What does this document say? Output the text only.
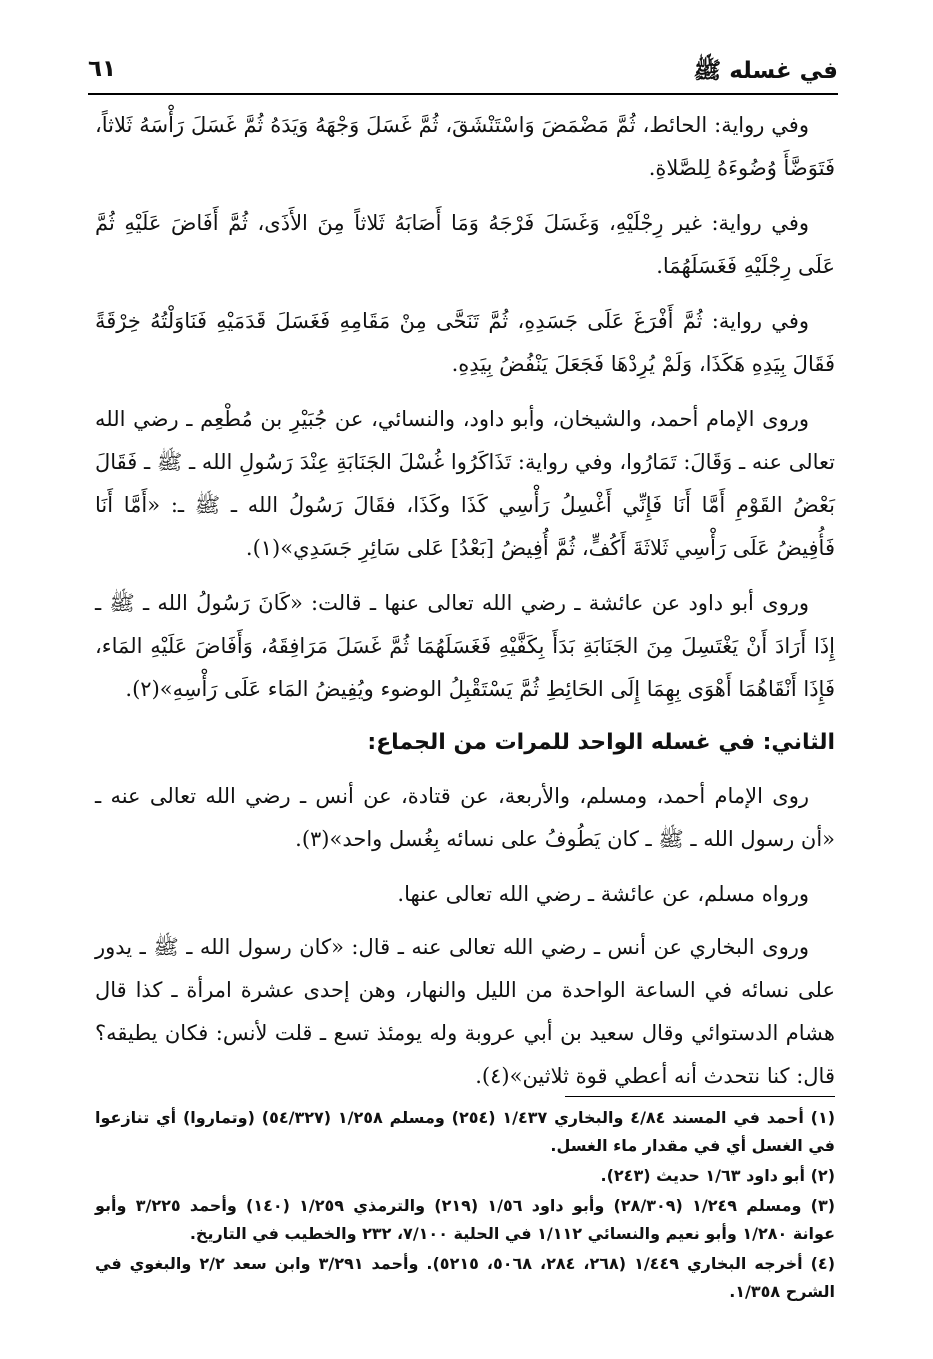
في غسله ﷺ
٦١

وفي رواية: الحائط، ثُمَّ مَضْمَضَ وَاسْتَنْشَقَ، ثُمَّ غَسَلَ وَجْهَهُ وَيَدَهُ ثُمَّ غَسَلَ رَأْسَهُ ثَلاثاً، فَتَوَضَّأَ وُضُوءَهُ لِلصَّلاةِ.

وفي رواية: غير رِجْلَيْهِ، وَغَسَلَ فَرْجَهُ وَمَا أَصَابَهُ ثَلاثاً مِنَ الأَذَى، ثُمَّ أَفَاضَ عَلَيْهِ ثُمَّ عَلَى رِجْلَيْهِ فَغَسَلَهُمَا.

وفي رواية: ثُمَّ أَفْرَغَ عَلَى جَسَدِهِ، ثُمَّ تَنَحَّى مِنْ مَقَامِهِ فَغَسَلَ قَدَمَيْهِ فَنَاوَلْتُهُ خِرْقَةً فَقَالَ بِيَدِهِ هَكَذَا، وَلَمْ يُرِدْهَا فَجَعَلَ يَنْفُضُ بِيَدِهِ.

وروى الإمام أحمد، والشيخان، وأبو داود، والنسائي، عن جُبَيْرِ بن مُطْعِم ـ رضي الله تعالى عنه ـ وَقَالَ: تَمَارُوا، وفي رواية: تَذَاكَرُوا غُسْلَ الجَنَابَةِ عِنْدَ رَسُولِ الله ـ ﷺ ـ فَقَالَ بَعْضُ القَوْمِ أَمَّا أَنَا فَإِنِّي أَغْسِلُ رَأْسِي كَذَا وكَذَا، فقَالَ رَسُولُ الله ـ ﷺ ـ: «أَمَّا أَنَا فَأُفِيضُ عَلَى رَأْسِي ثَلاثَةَ أَكُفٍّ، ثُمَّ أُفِيضُ [بَعْدُ] عَلى سَائِرِ جَسَدِي»(١).

وروى أبو داود عن عائشة ـ رضي الله تعالى عنها ـ قالت: «كَانَ رَسُولُ الله ـ ﷺ ـ إِذَا أَرَادَ أَنْ يَغْتَسِلَ مِنَ الجَنَابَةِ بَدَأَ بِكَفَّيْهِ فَغَسَلَهُمَا ثُمَّ غَسَلَ مَرَافِقَهُ، وَأَفَاضَ عَلَيْهِ المَاء، فَإِذَا أَنْقَاهُمَا أَهْوَى بِهِمَا إِلَى الحَائِطِ ثُمَّ يَسْتَقْبِلُ الوضوء ويُفِيضُ المَاء عَلَى رَأْسِهِ»(٢).

الثاني: في غسله الواحد للمرات من الجماع:

روى الإمام أحمد، ومسلم، والأربعة، عن قتادة، عن أنس ـ رضي الله تعالى عنه ـ «أن رسول الله ـ ﷺ ـ كان يَطُوفُ على نسائه بِغُسل واحد»(٣).

ورواه مسلم، عن عائشة ـ رضي الله تعالى عنها.

وروى البخاري عن أنس ـ رضي الله تعالى عنه ـ قال: «كان رسول الله ـ ﷺ ـ يدور على نسائه في الساعة الواحدة من الليل والنهار، وهن إحدى عشرة امرأة ـ كذا قال هشام الدستوائي وقال سعيد بن أبي عروبة وله يومئذ تسع ـ قلت لأنس: فكان يطيقه؟ قال: كنا نتحدث أنه أعطي قوة ثلاثين»(٤).

(١) أحمد في المسند ٤/٨٤ والبخاري ١/٤٣٧ (٢٥٤) ومسلم ١/٢٥٨ (٥٤/٣٢٧) (وتماروا) أي تنازعوا في الغسل أي في مقدار ماء الغسل.

(٢) أبو داود ١/٦٣ حديث (٢٤٣).

(٣) ومسلم ١/٢٤٩ (٢٨/٣٠٩) وأبو داود ١/٥٦ (٢١٩) والترمذي ١/٢٥٩ (١٤٠) وأحمد ٣/٢٢٥ وأبو عوانة ١/٢٨٠ وأبو نعيم والنسائي ١/١١٢ في الحلية ٧/١٠٠، ٢٣٢ والخطيب في التاريخ.

(٤) أخرجه البخاري ١/٤٤٩ (٢٦٨، ٢٨٤، ٥٠٦٨، ٥٢١٥). وأحمد ٣/٢٩١ وابن سعد ٢/٢ والبغوي في الشرح ١/٣٥٨.
